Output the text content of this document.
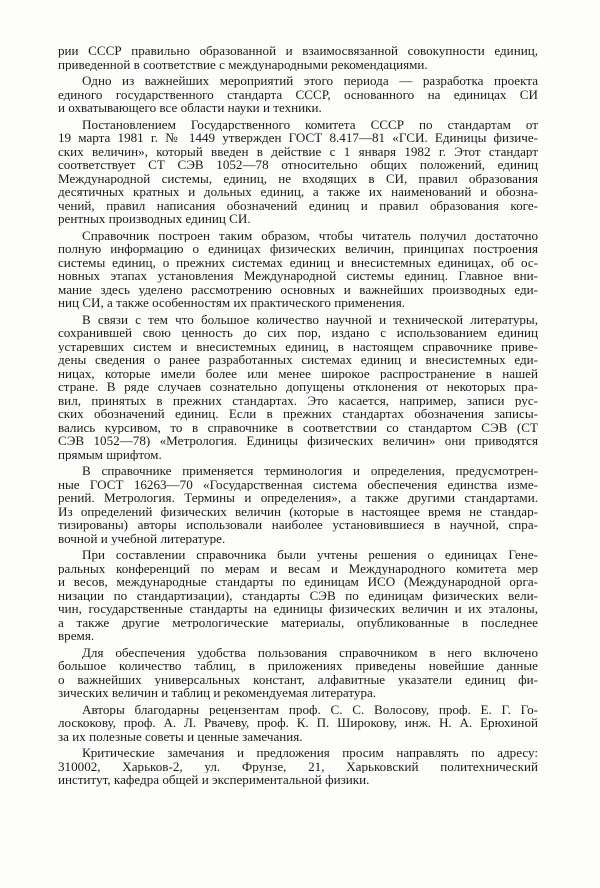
рии СССР правильно образованной и взаимосвязанной совокупности единиц,
приведенной в соответствие с международными рекомендациями.

Одно из важнейших мероприятий этого периода — разработка проекта
единого государственного стандарта СССР, основанного на единицах СИ
и охватывающего все области науки и техники.

Постановлением Государственного комитета СССР по стандартам от
19 марта 1981 г. № 1449 утвержден ГОСТ 8.417—81 «ГСИ. Единицы физиче-
ских величин», который введен в действие с 1 января 1982 г. Этот стандарт
соответствует СТ СЭВ 1052—78 относительно общих положений, единиц
Международной системы, единиц, не входящих в СИ, правил образования
десятичных кратных и дольных единиц, а также их наименований и обозна-
чений, правил написания обозначений единиц и правил образования коге-
рентных производных единиц СИ.

Справочник построен таким образом, чтобы читатель получил достаточно
полную информацию о единицах физических величин, принципах построения
системы единиц, о прежних системах единиц и внесистемных единицах, об ос-
новных этапах установления Международной системы единиц. Главное вни-
мание здесь уделено рассмотрению основных и важнейших производных еди-
ниц СИ, а также особенностям их практического применения.

В связи с тем что большое количество научной и технической литературы,
сохранившей свою ценность до сих пор, издано с использованием единиц
устаревших систем и внесистемных единиц, в настоящем справочнике приве-
дены сведения о ранее разработанных системах единиц и внесистемных еди-
ницах, которые имели более или менее широкое распространение в нашей
стране. В ряде случаев сознательно допущены отклонения от некоторых пра-
вил, принятых в прежних стандартах. Это касается, например, записи рус-
ских обозначений единиц. Если в прежних стандартах обозначения записы-
вались курсивом, то в справочнике в соответствии со стандартом СЭВ (СТ
СЭВ 1052—78) «Метрология. Единицы физических величин» они приводятся
прямым шрифтом.

В справочнике применяется терминология и определения, предусмотрен-
ные ГОСТ 16263—70 «Государственная система обеспечения единства изме-
рений. Метрология. Термины и определения», а также другими стандартами.
Из определений физических величин (которые в настоящее время не стандар-
тизированы) авторы использовали наиболее установившиеся в научной, спра-
вочной и учебной литературе.

При составлении справочника были учтены решения о единицах Гене-
ральных конференций по мерам и весам и Международного комитета мер
и весов, международные стандарты по единицам ИСО (Международной орга-
низации по стандартизации), стандарты СЭВ по единицам физических вели-
чин, государственные стандарты на единицы физических величин и их эталоны,
а также другие метрологические материалы, опубликованные в последнее
время.

Для обеспечения удобства пользования справочником в него включено
большое количество таблиц, в приложениях приведены новейшие данные
о важнейших универсальных констант, алфавитные указатели единиц фи-
зических величин и таблиц и рекомендуемая литература.

Авторы благодарны рецензентам проф. С. С. Волосову, проф. Е. Г. Го-
лоскокову, проф. А. Л. Рвачеву, проф. К. П. Широкову, инж. Н. А. Ерюхиной
за их полезные советы и ценные замечания.

Критические замечания и предложения просим направлять по адресу:
310002, Харьков-2, ул. Фрунзе, 21, Харьковский политехнический
институт, кафедра общей и экспериментальной физики.
